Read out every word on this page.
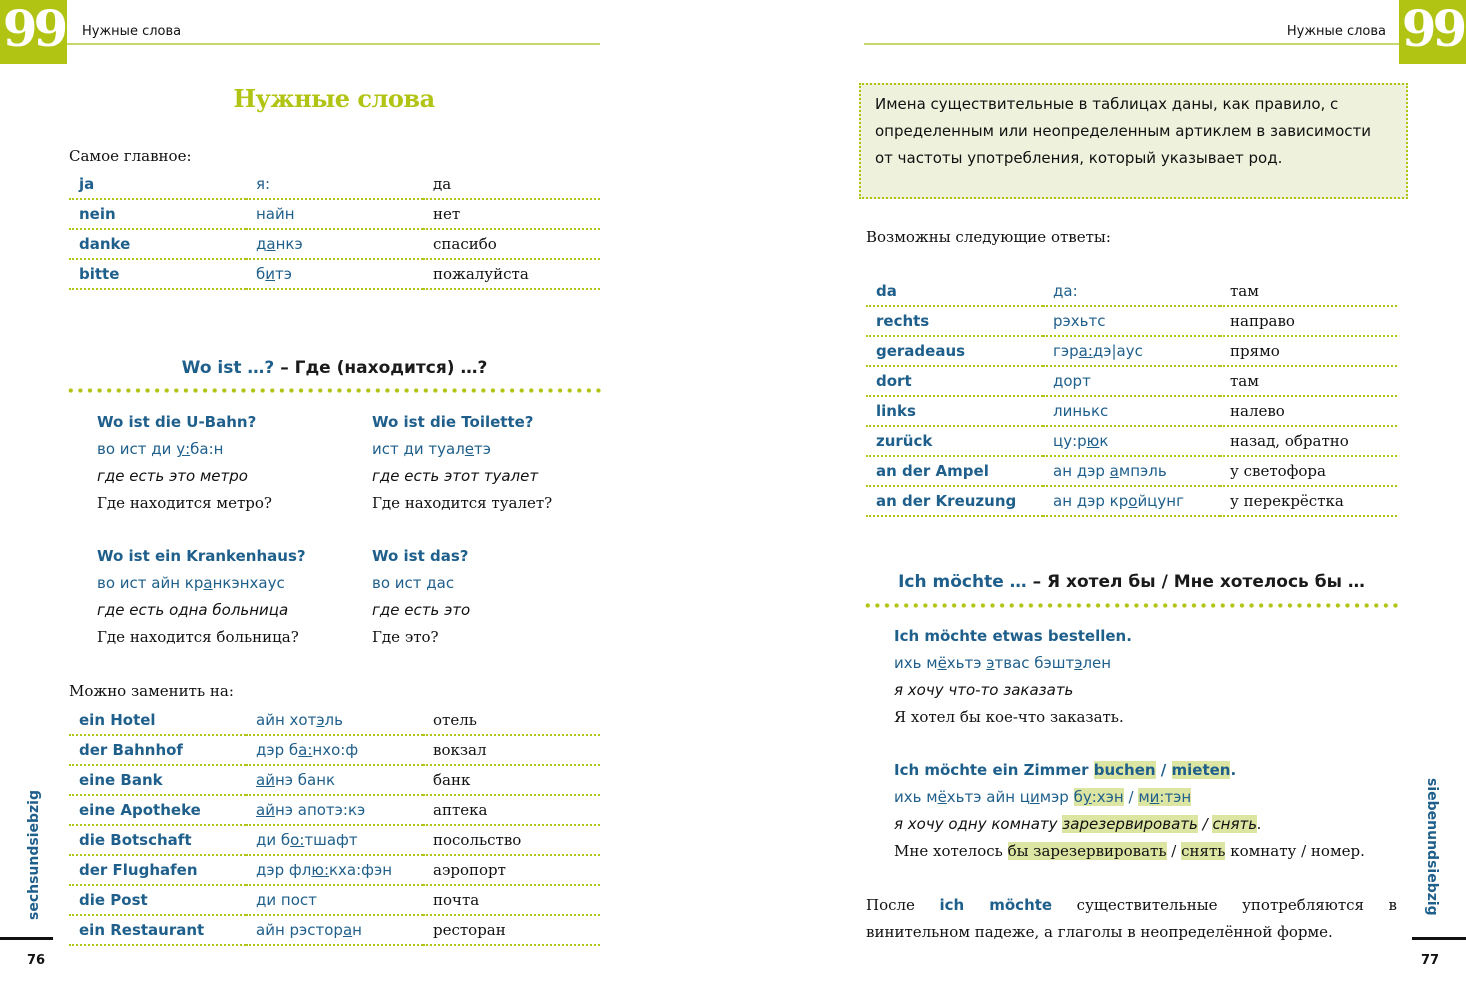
99 Нужные слова
Нужные слова
Самое главное:
ja	я:	да
nein	найн	нет
danke	данкэ	спасибо
bitte	битэ	пожалуйста
Wo ist …? – Где (находится) …?
Wo ist die U-Bahn?
во ист ди у:ба:н
где есть это метро
Где находится метро?
Wo ist die Toilette?
ист ди туалетэ
где есть этот туалет
Где находится туалет?
Wo ist ein Krankenhaus?
во ист айн кранкэнхаус
где есть одна больница
Где находится больница?
Wo ist das?
во ист дас
где есть это
Где это?
Можно заменить на:
ein Hotel	айн хотэль	отель
der Bahnhof	дэр ба:нхо:ф	вокзал
eine Bank	айнэ банк	банк
eine Apotheke	айнэ апотэ:кэ	аптека
die Botschaft	ди бо:тшафт	посольство
der Flughafen	дэр флю:кха:фэн	аэропорт
die Post	ди пост	почта
ein Restaurant	айн рэсторан	ресторан
sechsundsiebzig
76
99
Нужные слова
Имена существительные в таблицах даны, как правило, с определенным или неопределенным артиклем в зависимости от частоты употребления, который указывает род.
Возможны следующие ответы:
da	да:	там
rechts	рэхьтс	направо
geradeaus	гэра:дэ|аус	прямо
dort	дорт	там
links	линькс	налево
zurück	цу:рюк	назад, обратно
an der Ampel	ан дэр ампэль	у светофора
an der Kreuzung	ан дэр кройцунг	у перекрёстка
Ich möchte … – Я хотел бы / Мне хотелось бы …
Ich möchte etwas bestellen.
ихь мёхьтэ этвас бэштэлен
я хочу что-то заказать
Я хотел бы кое-что заказать.
Ich möchte ein Zimmer buchen / mieten.
ихь мёхьтэ айн цимэр бу:хэн / ми:тэн
я хочу одну комнату зарезервировать / снять.
Мне хотелось бы зарезервировать / снять комнату / номер.
После ich möchte существительные употребляются в винительном падеже, а глаголы в неопределённой форме.
siebenundsiebzig
77
